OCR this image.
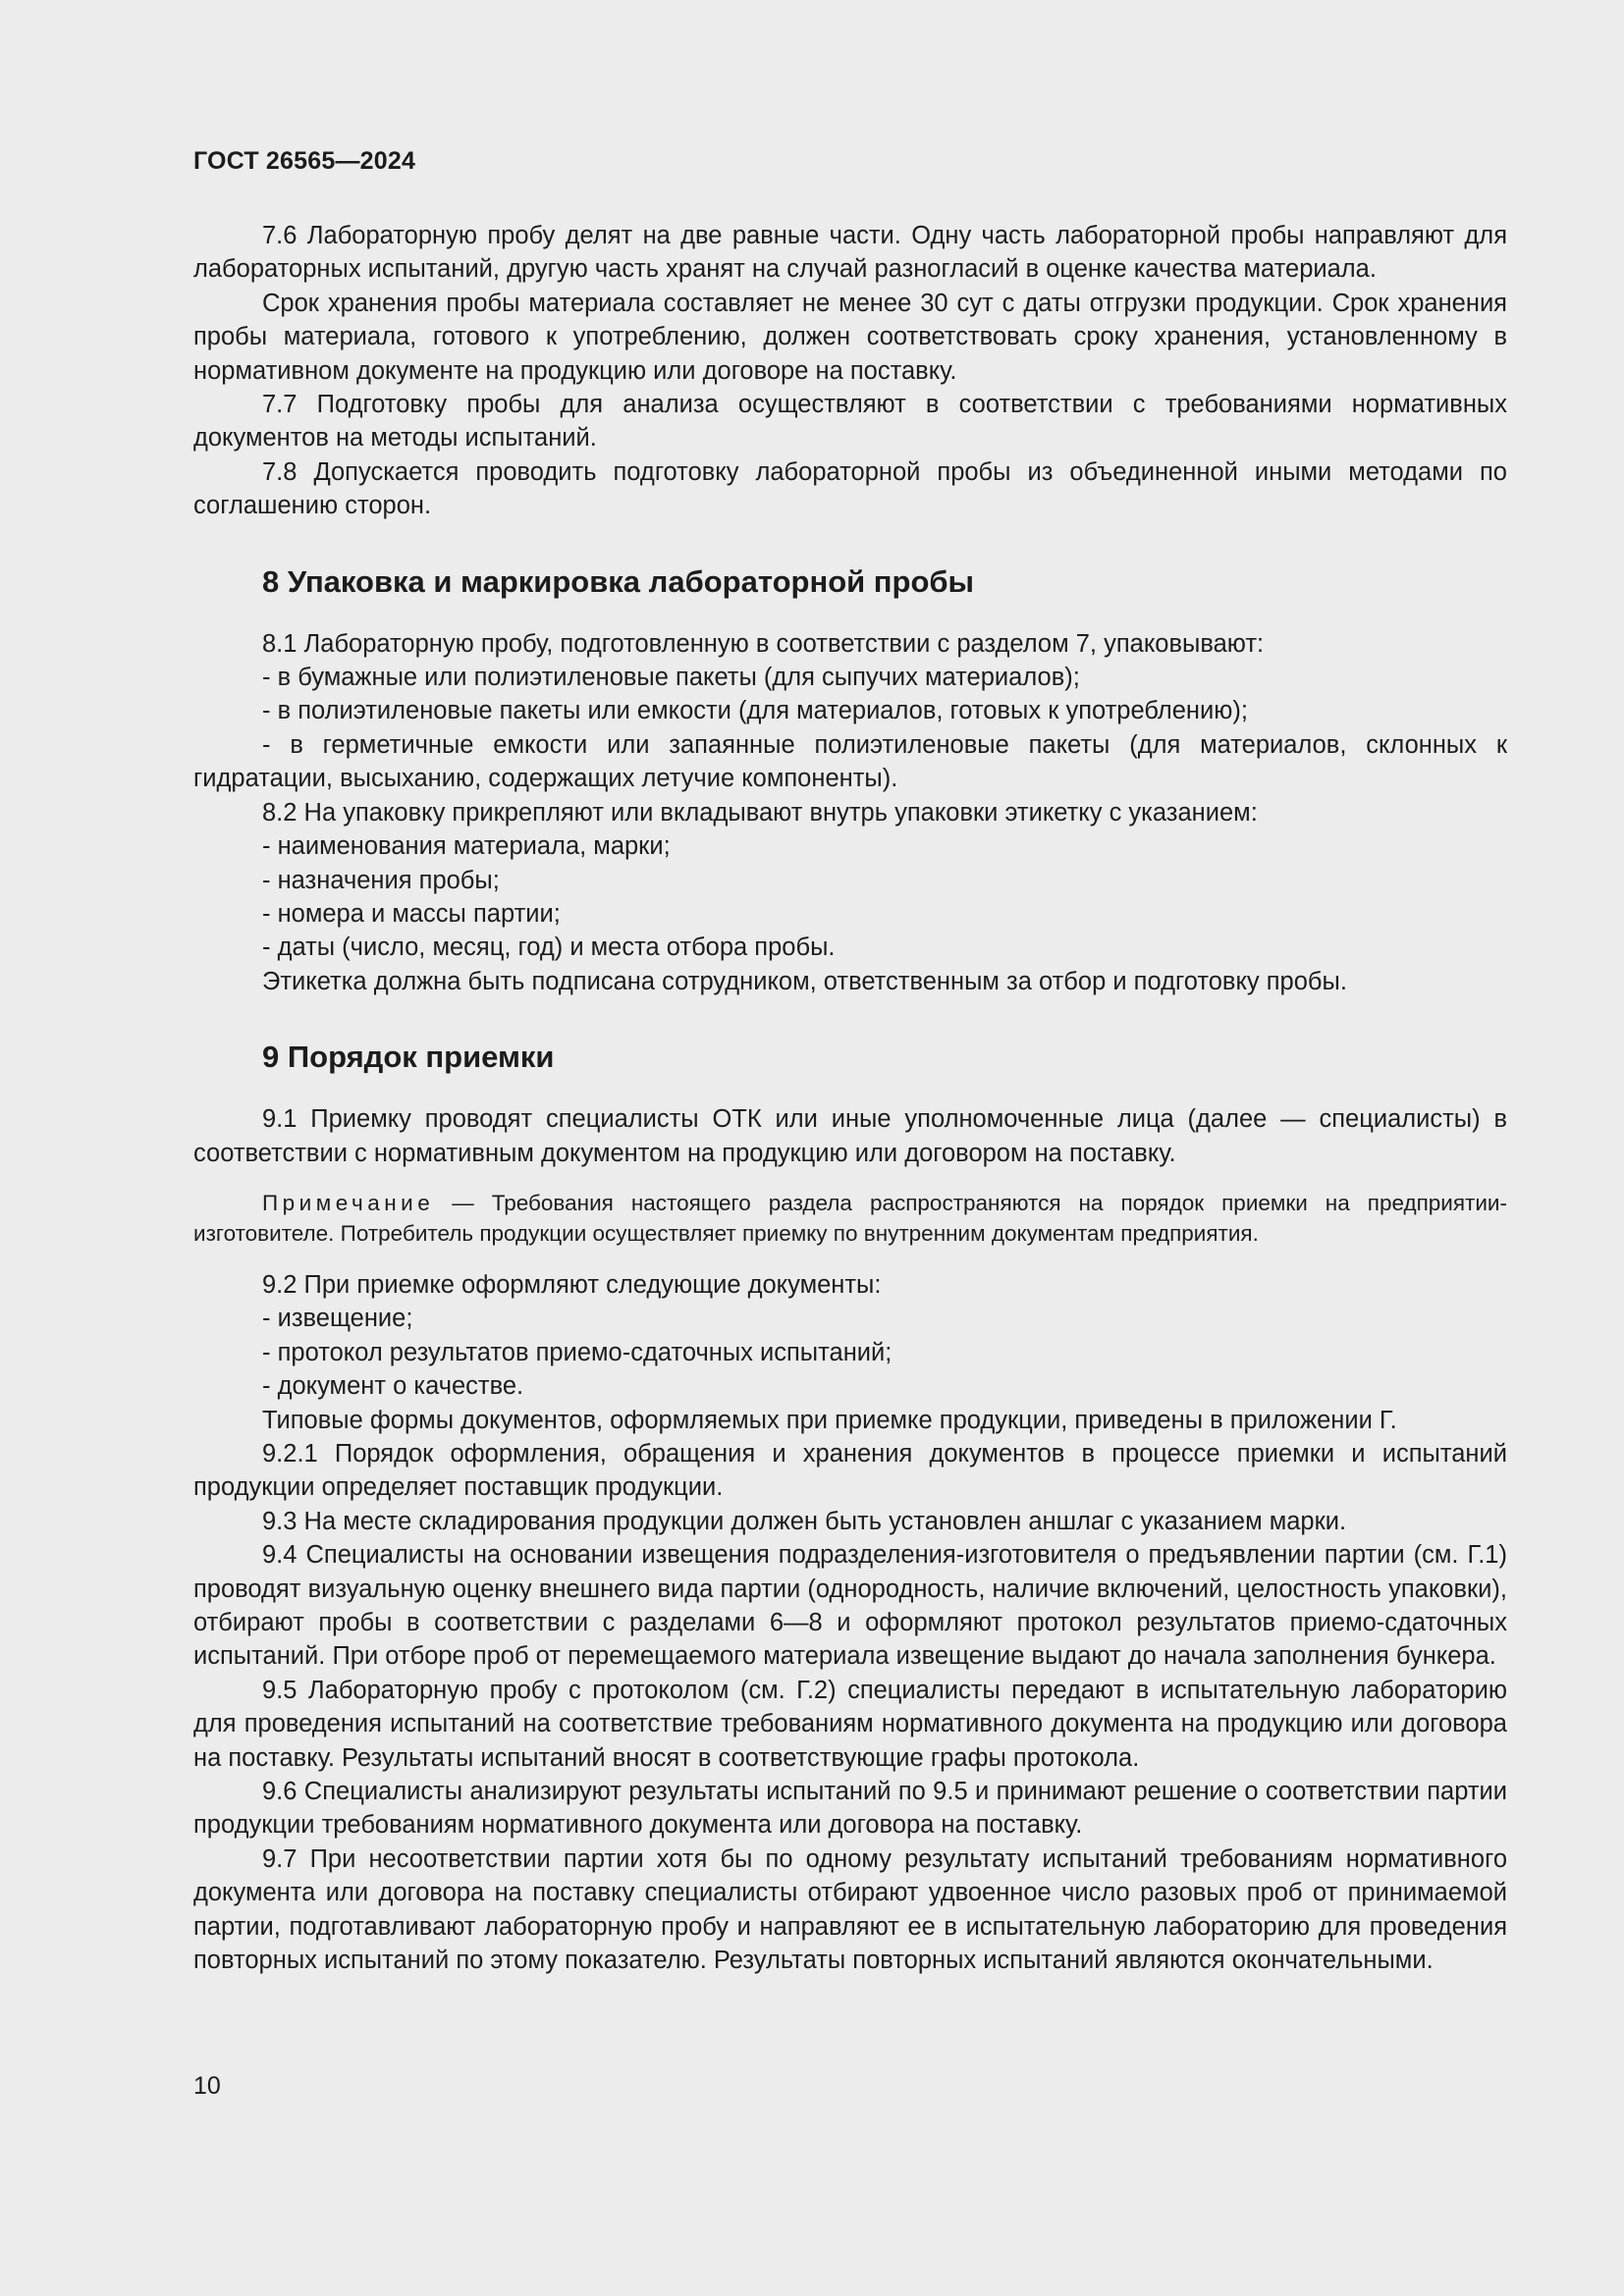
ГОСТ 26565—2024

7.6 Лабораторную пробу делят на две равные части. Одну часть лабораторной пробы направляют для лабораторных испытаний, другую часть хранят на случай разногласий в оценке качества материала.

Срок хранения пробы материала составляет не менее 30 сут с даты отгрузки продукции. Срок хранения пробы материала, готового к употреблению, должен соответствовать сроку хранения, установленному в нормативном документе на продукцию или договоре на поставку.

7.7 Подготовку пробы для анализа осуществляют в соответствии с требованиями нормативных документов на методы испытаний.

7.8 Допускается проводить подготовку лабораторной пробы из объединенной иными методами по соглашению сторон.

8 Упаковка и маркировка лабораторной пробы

8.1 Лабораторную пробу, подготовленную в соответствии с разделом 7, упаковывают:

- в бумажные или полиэтиленовые пакеты (для сыпучих материалов);

- в полиэтиленовые пакеты или емкости (для материалов, готовых к употреблению);

- в герметичные емкости или запаянные полиэтиленовые пакеты (для материалов, склонных к гидратации, высыханию, содержащих летучие компоненты).

8.2 На упаковку прикрепляют или вкладывают внутрь упаковки этикетку с указанием:

- наименования материала, марки;

- назначения пробы;

- номера и массы партии;

- даты (число, месяц, год) и места отбора пробы.

Этикетка должна быть подписана сотрудником, ответственным за отбор и подготовку пробы.

9 Порядок приемки

9.1 Приемку проводят специалисты ОТК или иные уполномоченные лица (далее — специалисты) в соответствии с нормативным документом на продукцию или договором на поставку.

Примечание — Требования настоящего раздела распространяются на порядок приемки на предприятии-изготовителе. Потребитель продукции осуществляет приемку по внутренним документам предприятия.

9.2 При приемке оформляют следующие документы:

- извещение;

- протокол результатов приемо-сдаточных испытаний;

- документ о качестве.

Типовые формы документов, оформляемых при приемке продукции, приведены в приложении Г.

9.2.1 Порядок оформления, обращения и хранения документов в процессе приемки и испытаний продукции определяет поставщик продукции.

9.3 На месте складирования продукции должен быть установлен аншлаг с указанием марки.

9.4 Специалисты на основании извещения подразделения-изготовителя о предъявлении партии (см. Г.1) проводят визуальную оценку внешнего вида партии (однородность, наличие включений, целостность упаковки), отбирают пробы в соответствии с разделами 6—8 и оформляют протокол результатов приемо-сдаточных испытаний. При отборе проб от перемещаемого материала извещение выдают до начала заполнения бункера.

9.5 Лабораторную пробу с протоколом (см. Г.2) специалисты передают в испытательную лабораторию для проведения испытаний на соответствие требованиям нормативного документа на продукцию или договора на поставку. Результаты испытаний вносят в соответствующие графы протокола.

9.6 Специалисты анализируют результаты испытаний по 9.5 и принимают решение о соответствии партии продукции требованиям нормативного документа или договора на поставку.

9.7 При несоответствии партии хотя бы по одному результату испытаний требованиям нормативного документа или договора на поставку специалисты отбирают удвоенное число разовых проб от принимаемой партии, подготавливают лабораторную пробу и направляют ее в испытательную лабораторию для проведения повторных испытаний по этому показателю. Результаты повторных испытаний являются окончательными.

10
